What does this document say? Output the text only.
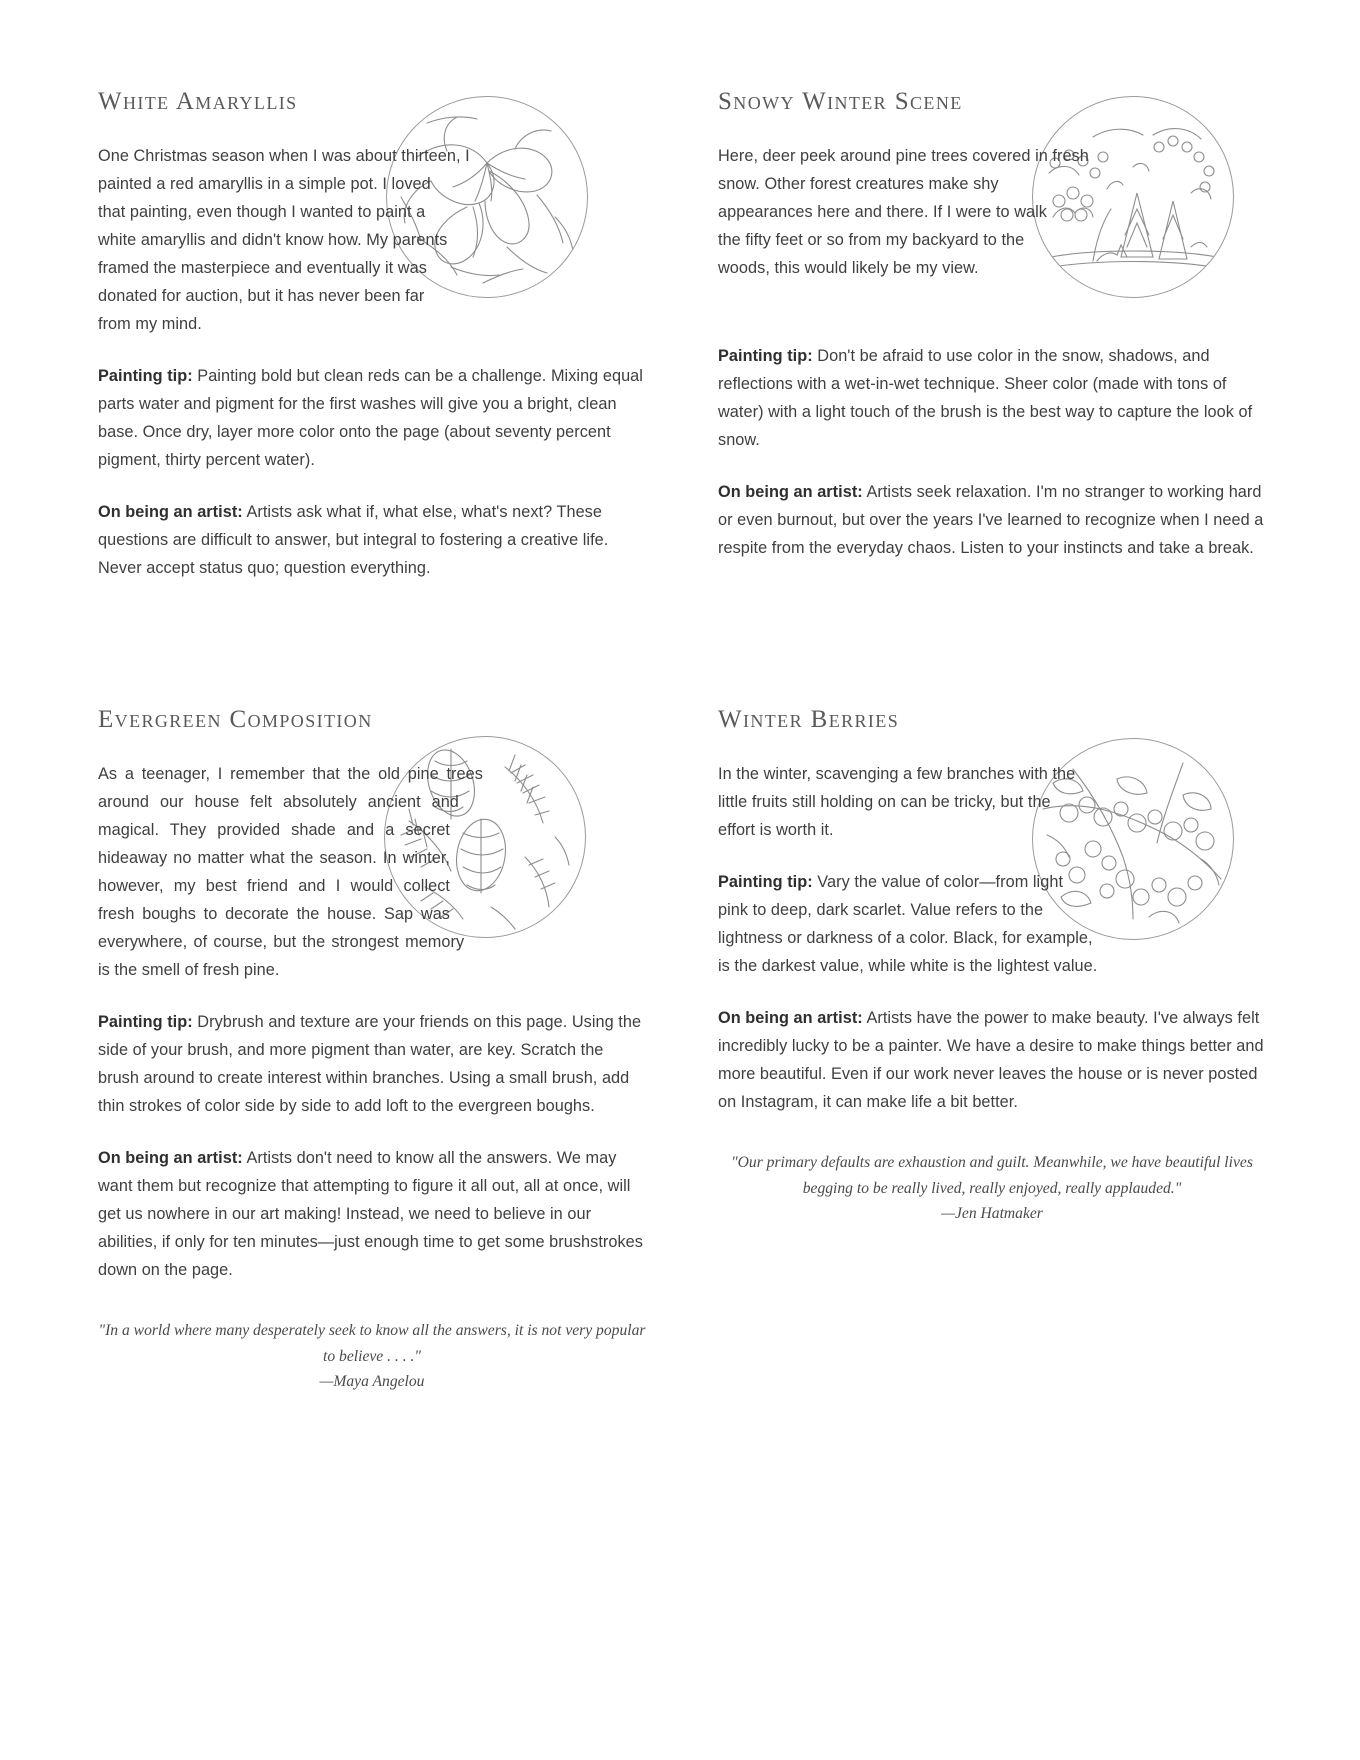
White Amaryllis

One Christmas season when I was about thirteen, I painted a red amaryllis in a simple pot. I loved that painting, even though I wanted to paint a white amaryllis and didn't know how. My parents framed the masterpiece and eventually it was donated for auction, but it has never been far from my mind.

Painting tip: Painting bold but clean reds can be a challenge. Mixing equal parts water and pigment for the first washes will give you a bright, clean base. Once dry, layer more color onto the page (about seventy percent pigment, thirty percent water).

On being an artist: Artists ask what if, what else, what's next? These questions are difficult to answer, but integral to fostering a creative life. Never accept status quo; question everything.

Snowy Winter Scene

Here, deer peek around pine trees covered in fresh snow. Other forest creatures make shy appearances here and there. If I were to walk the fifty feet or so from my backyard to the woods, this would likely be my view.

Painting tip: Don't be afraid to use color in the snow, shadows, and reflections with a wet-in-wet technique. Sheer color (made with tons of water) with a light touch of the brush is the best way to capture the look of snow.

On being an artist: Artists seek relaxation. I'm no stranger to working hard or even burnout, but over the years I've learned to recognize when I need a respite from the everyday chaos. Listen to your instincts and take a break.

Evergreen Composition

As a teenager, I remember that the old pine trees around our house felt absolutely ancient and magical. They provided shade and a secret hideaway no matter what the season. In winter, however, my best friend and I would collect fresh boughs to decorate the house. Sap was everywhere, of course, but the strongest memory is the smell of fresh pine.

Painting tip: Drybrush and texture are your friends on this page. Using the side of your brush, and more pigment than water, are key. Scratch the brush around to create interest within branches. Using a small brush, add thin strokes of color side by side to add loft to the evergreen boughs.

On being an artist: Artists don't need to know all the answers. We may want them but recognize that attempting to figure it all out, all at once, will get us nowhere in our art making! Instead, we need to believe in our abilities, if only for ten minutes—just enough time to get some brushstrokes down on the page.

"In a world where many desperately seek to know all the answers, it is not very popular to believe . . . ."
—Maya Angelou
Winter Berries

In the winter, scavenging a few branches with the little fruits still holding on can be tricky, but the effort is worth it.

Painting tip: Vary the value of color—from light pink to deep, dark scarlet. Value refers to the lightness or darkness of a color. Black, for example, is the darkest value, while white is the lightest value.

On being an artist: Artists have the power to make beauty. I've always felt incredibly lucky to be a painter. We have a desire to make things better and more beautiful. Even if our work never leaves the house or is never posted on Instagram, it can make life a bit better.

"Our primary defaults are exhaustion and guilt. Meanwhile, we have beautiful lives begging to be really lived, really enjoyed, really applauded."
—Jen Hatmaker
